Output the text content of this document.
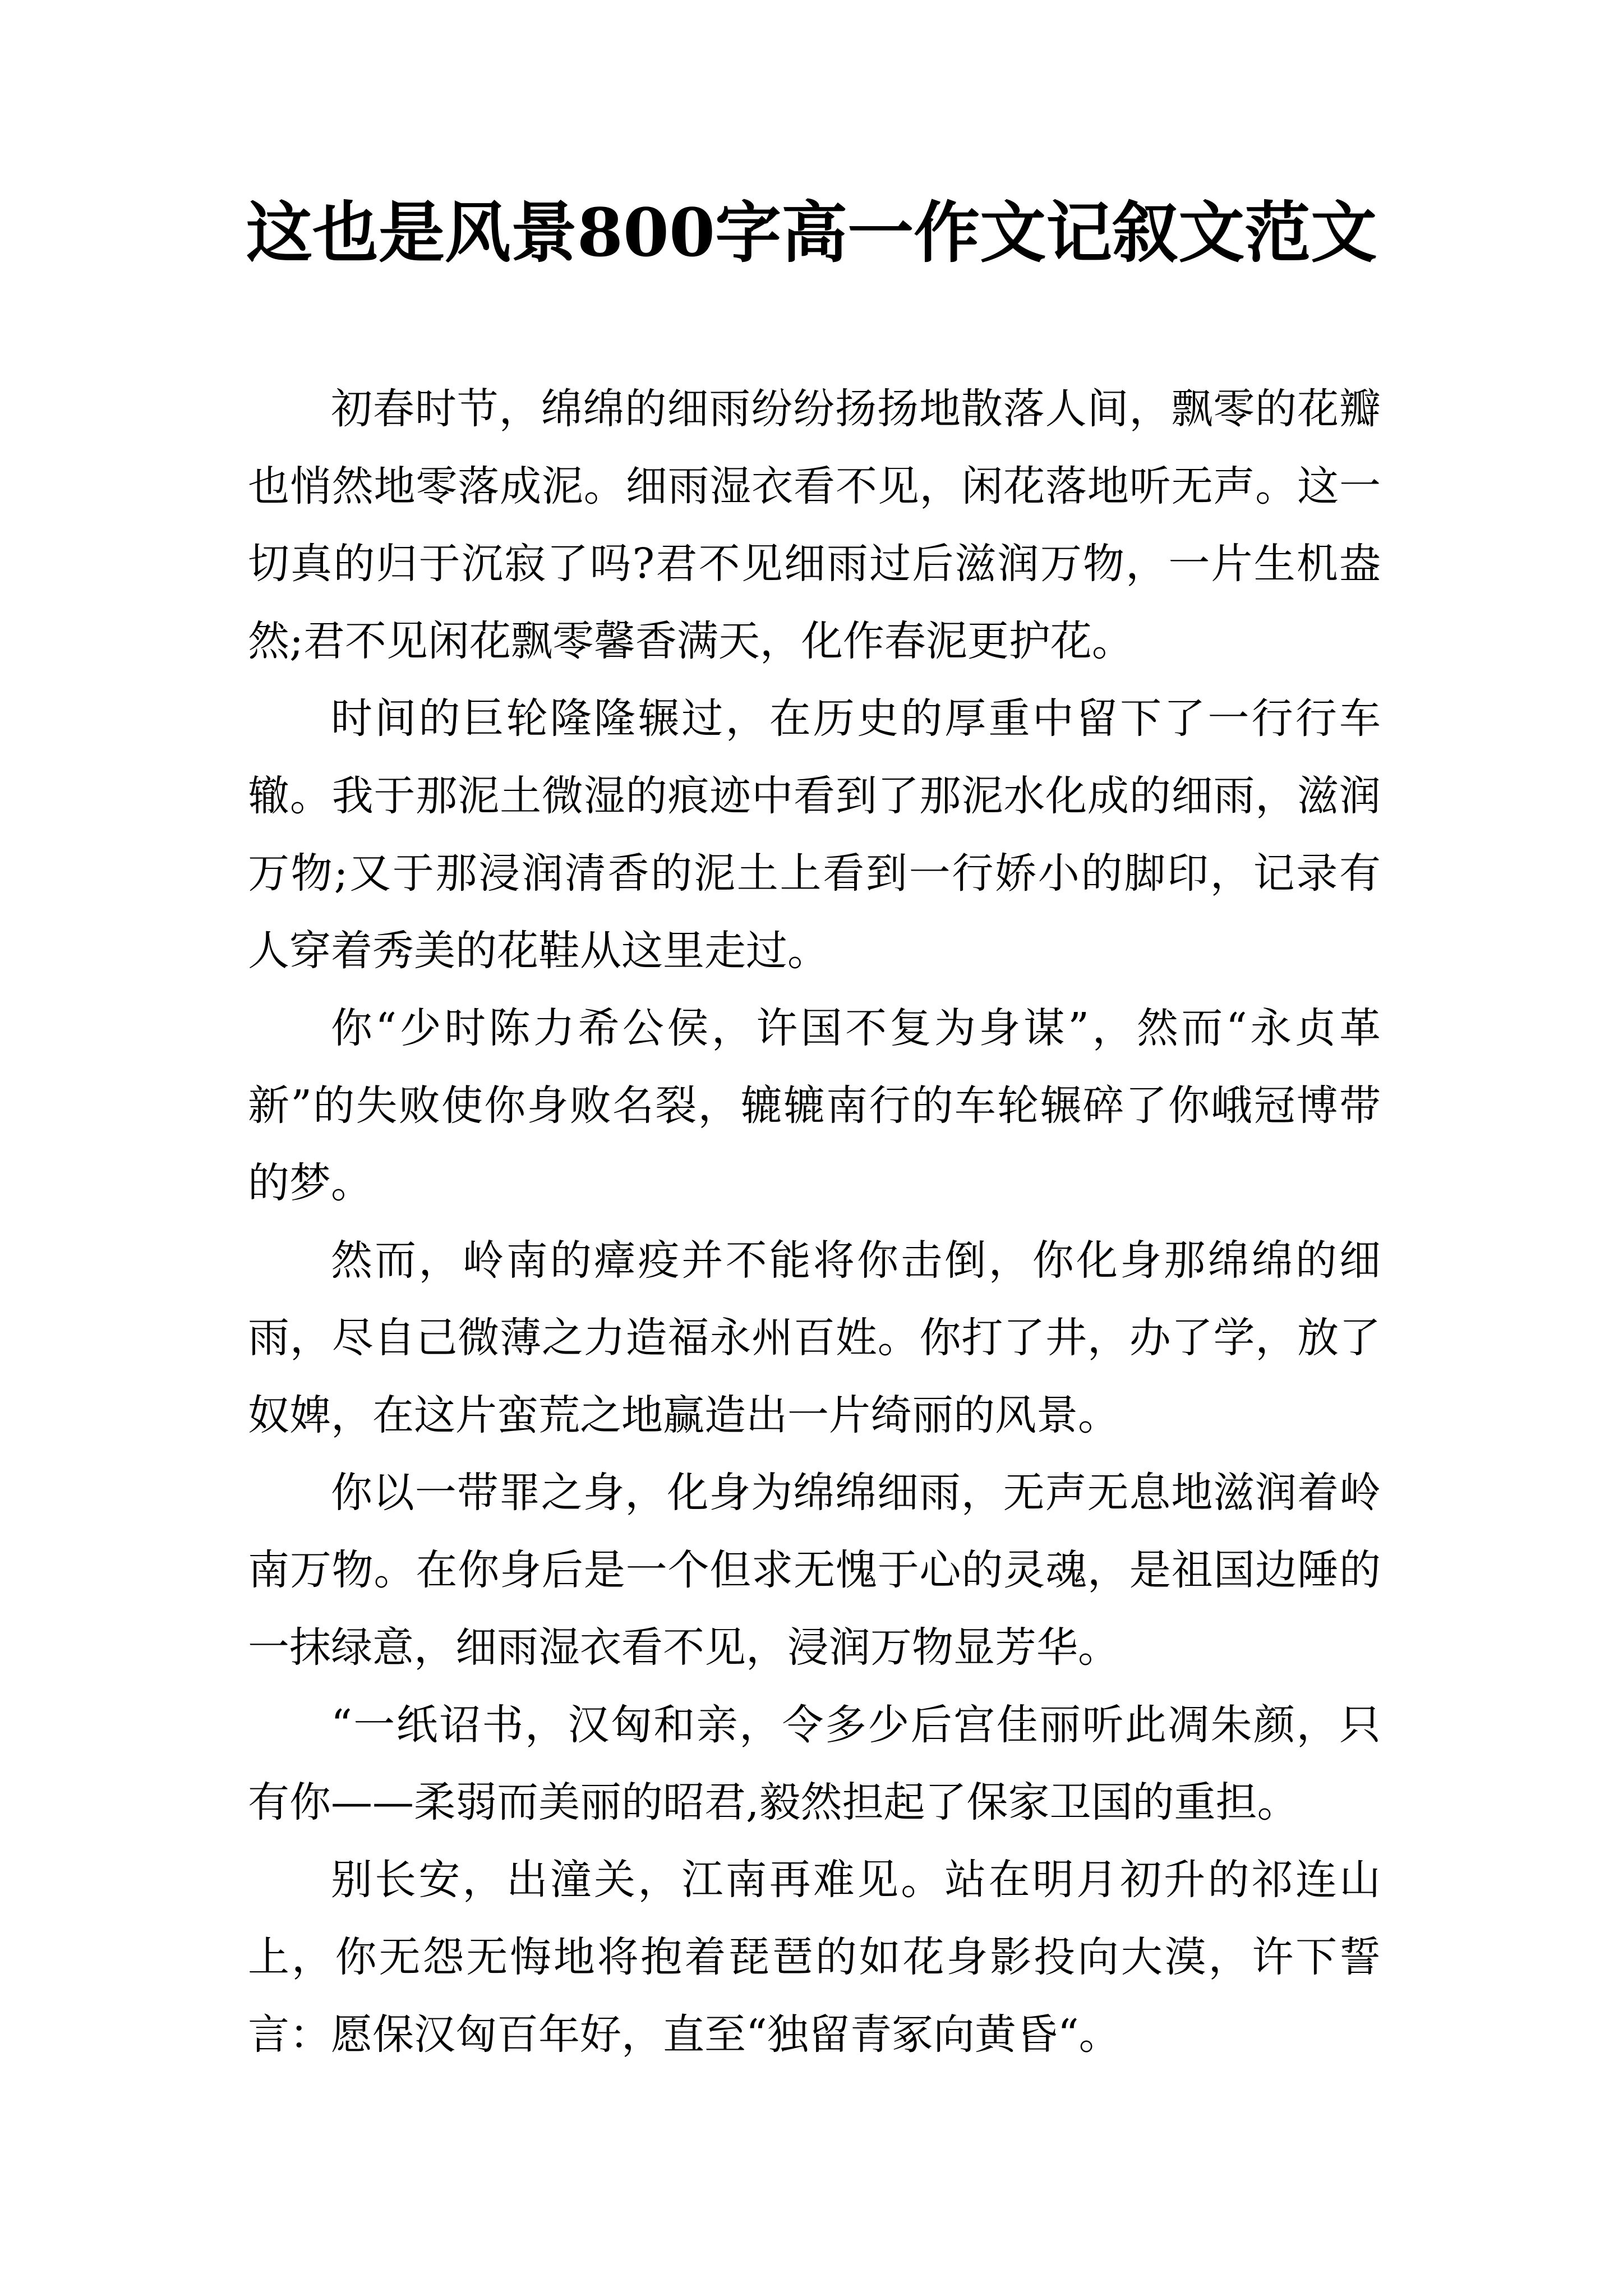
这也是风景800字高一作文记叙文范文

初春时节，绵绵的细雨纷纷扬扬地散落人间，飘零的花瓣也悄然地零落成泥。细雨湿衣看不见，闲花落地听无声。这一切真的归于沉寂了吗?君不见细雨过后滋润万物，一片生机盎然;君不见闲花飘零馨香满天，化作春泥更护花。

时间的巨轮隆隆辗过，在历史的厚重中留下了一行行车辙。我于那泥土微湿的痕迹中看到了那泥水化成的细雨，滋润万物;又于那浸润清香的泥土上看到一行娇小的脚印，记录有人穿着秀美的花鞋从这里走过。

你“少时陈力希公侯，许国不复为身谋”，然而“永贞革新”的失败使你身败名裂，辘辘南行的车轮辗碎了你峨冠博带的梦。

然而，岭南的瘴疫并不能将你击倒，你化身那绵绵的细雨，尽自己微薄之力造福永州百姓。你打了井，办了学，放了奴婢，在这片蛮荒之地赢造出一片绮丽的风景。

你以一带罪之身，化身为绵绵细雨，无声无息地滋润着岭南万物。在你身后是一个但求无愧于心的灵魂，是祖国边陲的一抹绿意，细雨湿衣看不见，浸润万物显芳华。

“一纸诏书，汉匈和亲，令多少后宫佳丽听此凋朱颜，只有你——柔弱而美丽的昭君,毅然担起了保家卫国的重担。

别长安，出潼关，江南再难见。站在明月初升的祁连山上，你无怨无悔地将抱着琵琶的如花身影投向大漠，许下誓言：愿保汉匈百年好，直至“独留青冢向黄昏“。
